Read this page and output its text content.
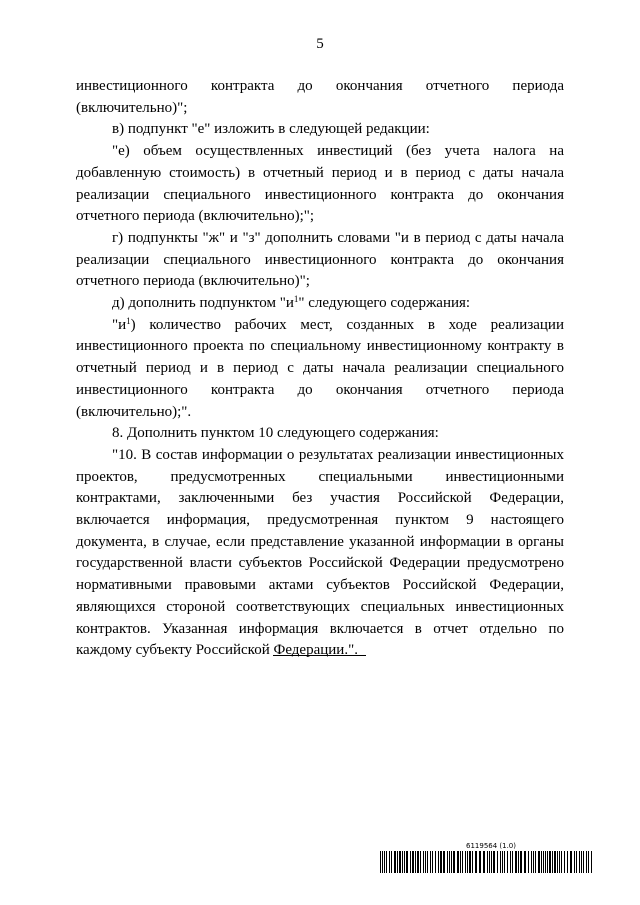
5

инвестиционного контракта до окончания отчетного периода (включительно)";

в) подпункт "е" изложить в следующей редакции:

"е) объем осуществленных инвестиций (без учета налога на добавленную стоимость) в отчетный период и в период с даты начала реализации специального инвестиционного контракта до окончания отчетного периода (включительно);";

г) подпункты "ж" и "з" дополнить словами "и в период с даты начала реализации специального инвестиционного контракта до окончания отчетного периода (включительно)";

д) дополнить подпунктом "$и^1$" следующего содержания:

"$и^1$) количество рабочих мест, созданных в ходе реализации инвестиционного проекта по специальному инвестиционному контракту в отчетный период и в период с даты начала реализации специального инвестиционного контракта до окончания отчетного периода (включительно);".

8. Дополнить пунктом 10 следующего содержания:

"10. В состав информации о результатах реализации инвестиционных проектов, предусмотренных специальными инвестиционными контрактами, заключенными без участия Российской Федерации, включается информация, предусмотренная пунктом 9 настоящего документа, в случае, если представление указанной информации в органы государственной власти субъектов Российской Федерации предусмотрено нормативными правовыми актами субъектов Российской Федерации, являющихся стороной соответствующих специальных инвестиционных контрактов. Указанная информация включается в отчет отдельно по каждому субъекту Российской Федерации.".

6119564 (1.0)
